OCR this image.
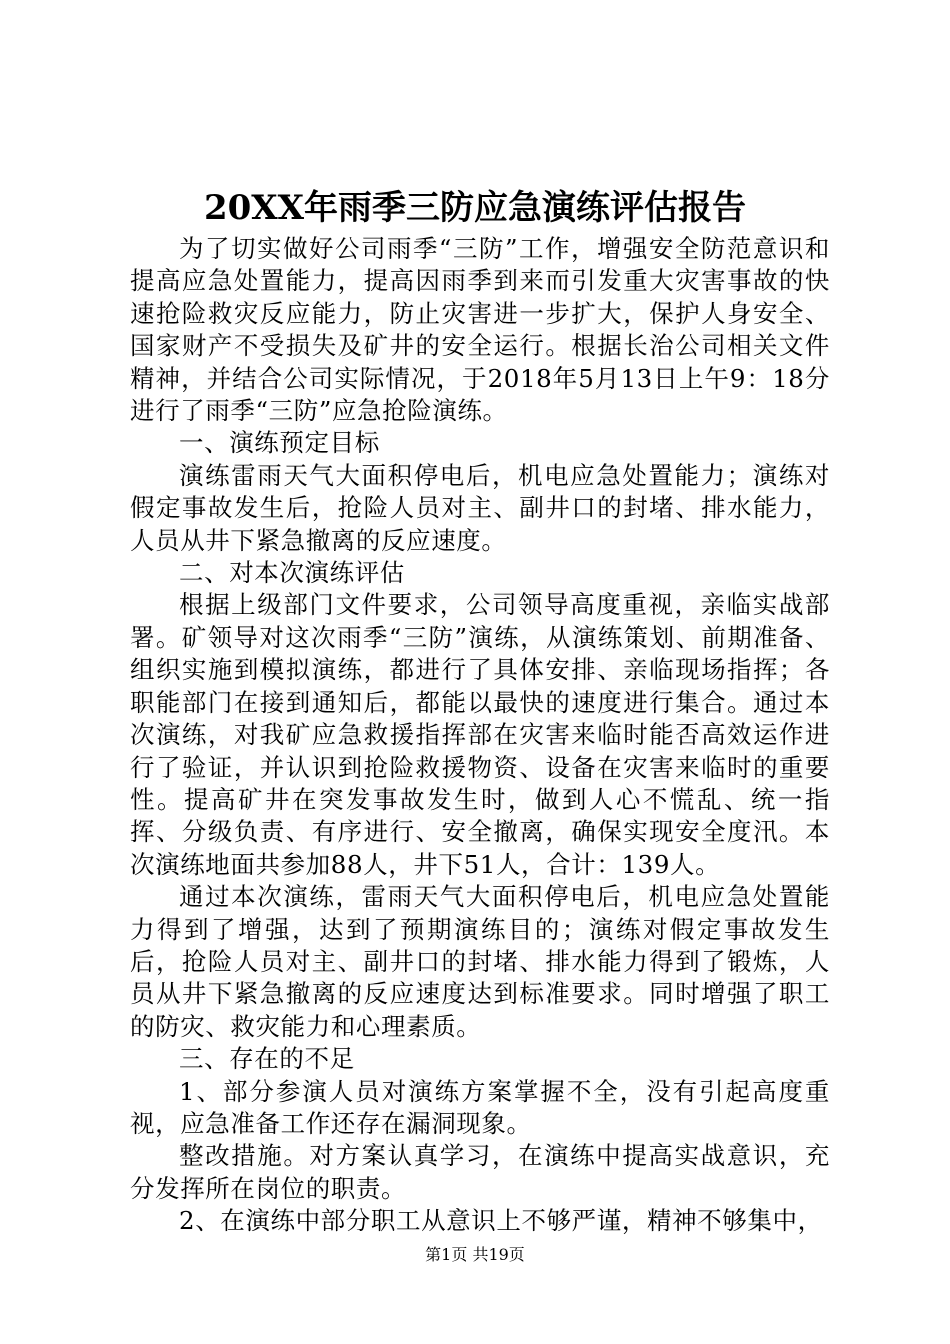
20XX年雨季三防应急演练评估报告

为了切实做好公司雨季“三防”工作，增强安全防范意识和提高应急处置能力，提高因雨季到来而引发重大灾害事故的快速抢险救灾反应能力，防止灾害进一步扩大，保护人身安全、国家财产不受损失及矿井的安全运行。根据长治公司相关文件精神，并结合公司实际情况，于2018年5月13日上午9：18分进行了雨季“三防”应急抢险演练。

一、演练预定目标

演练雷雨天气大面积停电后，机电应急处置能力；演练对假定事故发生后，抢险人员对主、副井口的封堵、排水能力，人员从井下紧急撤离的反应速度。

二、对本次演练评估

根据上级部门文件要求，公司领导高度重视，亲临实战部署。矿领导对这次雨季“三防”演练，从演练策划、前期准备、组织实施到模拟演练，都进行了具体安排、亲临现场指挥；各职能部门在接到通知后，都能以最快的速度进行集合。通过本次演练，对我矿应急救援指挥部在灾害来临时能否高效运作进行了验证，并认识到抢险救援物资、设备在灾害来临时的重要性。提高矿井在突发事故发生时，做到人心不慌乱、统一指挥、分级负责、有序进行、安全撤离，确保实现安全度汛。本次演练地面共参加88人，井下51人，合计：139人。

通过本次演练，雷雨天气大面积停电后，机电应急处置能力得到了增强，达到了预期演练目的；演练对假定事故发生后，抢险人员对主、副井口的封堵、排水能力得到了锻炼，人员从井下紧急撤离的反应速度达到标准要求。同时增强了职工的防灾、救灾能力和心理素质。

三、存在的不足

1、部分参演人员对演练方案掌握不全，没有引起高度重视，应急准备工作还存在漏洞现象。

整改措施。对方案认真学习，在演练中提高实战意识，充分发挥所在岗位的职责。

2、在演练中部分职工从意识上不够严谨，精神不够集中，

第1页 共19页
